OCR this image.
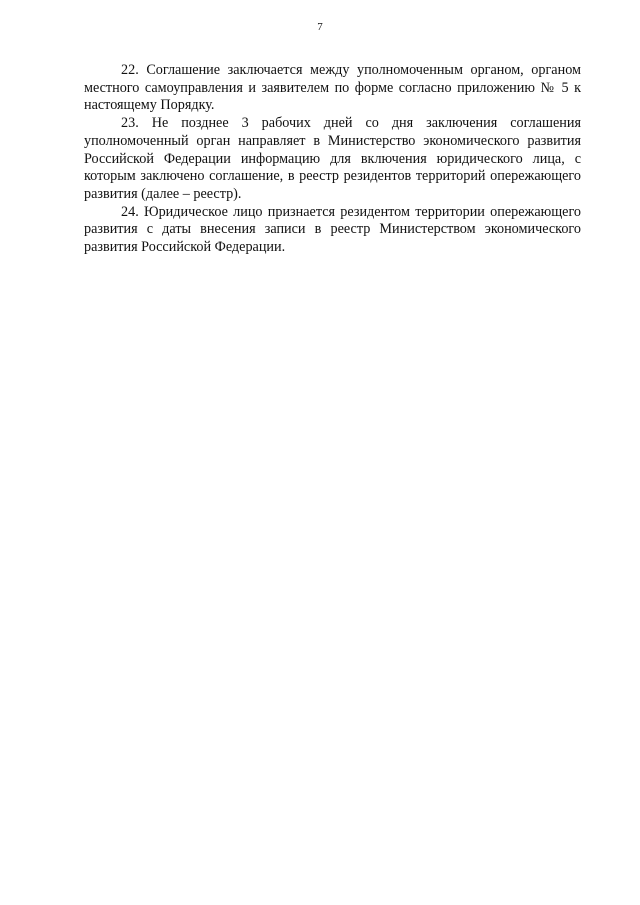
7

22. Соглашение заключается между уполномоченным органом, органом местного самоуправления и заявителем по форме согласно приложению № 5 к настоящему Порядку.

23. Не позднее 3 рабочих дней со дня заключения соглашения уполномоченный орган направляет в Министерство экономического развития Российской Федерации информацию для включения юридического лица, с которым заключено соглашение, в реестр резидентов территорий опережающего развития (далее – реестр).

24. Юридическое лицо признается резидентом территории опережающего развития с даты внесения записи в реестр Министерством экономического развития Российской Федерации.
